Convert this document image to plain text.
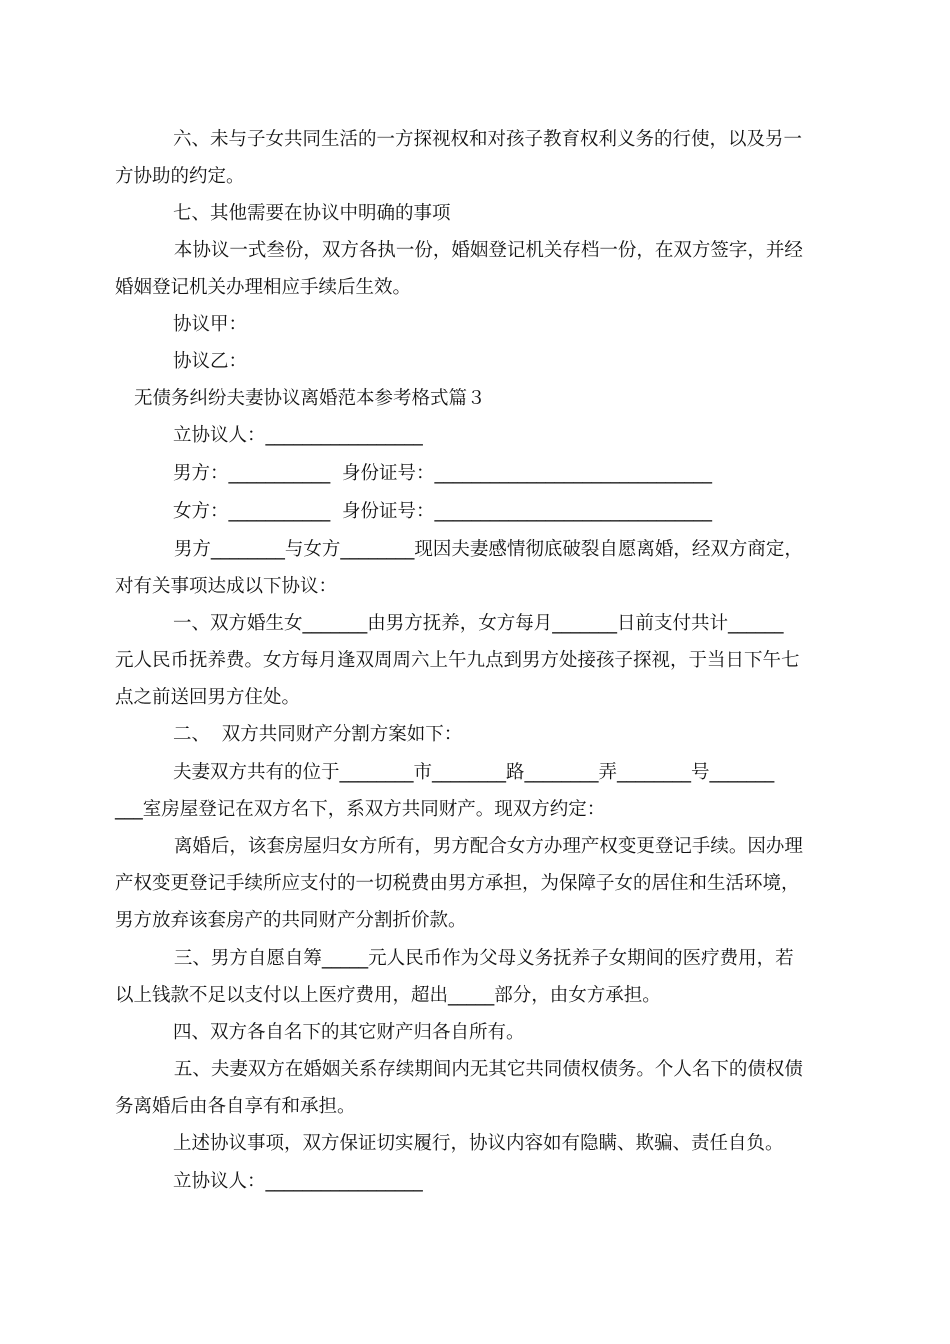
六、未与子女共同生活的一方探视权和对孩子教育权利义务的行使，以及另一

方协助的约定。

七、其他需要在协议中明确的事项

本协议一式叁份，双方各执一份，婚姻登记机关存档一份，在双方签字，并经

婚姻登记机关办理相应手续后生效。

协议甲：

协议乙：

无债务纠纷夫妻协议离婚范本参考格式篇３

立协议人：_________________

男方：___________  身份证号：______________________________

女方：___________  身份证号：______________________________

男方________与女方________现因夫妻感情彻底破裂自愿离婚，经双方商定，

对有关事项达成以下协议：

一、双方婚生女_______由男方抚养，女方每月_______日前支付共计______

元人民币抚养费。女方每月逢双周周六上午九点到男方处接孩子探视，于当日下午七

点之前送回男方住处。

二、  双方共同财产分割方案如下：

夫妻双方共有的位于________市________路________弄________号_______

___室房屋登记在双方名下，系双方共同财产。现双方约定：

离婚后，该套房屋归女方所有，男方配合女方办理产权变更登记手续。因办理

产权变更登记手续所应支付的一切税费由男方承担，为保障子女的居住和生活环境，

男方放弃该套房产的共同财产分割折价款。

三、男方自愿自筹_____元人民币作为父母义务抚养子女期间的医疗费用，若

以上钱款不足以支付以上医疗费用，超出_____部分，由女方承担。

四、双方各自名下的其它财产归各自所有。

五、夫妻双方在婚姻关系存续期间内无其它共同债权债务。个人名下的债权债

务离婚后由各自享有和承担。

上述协议事项，双方保证切实履行，协议内容如有隐瞒、欺骗、责任自负。

立协议人：_________________
